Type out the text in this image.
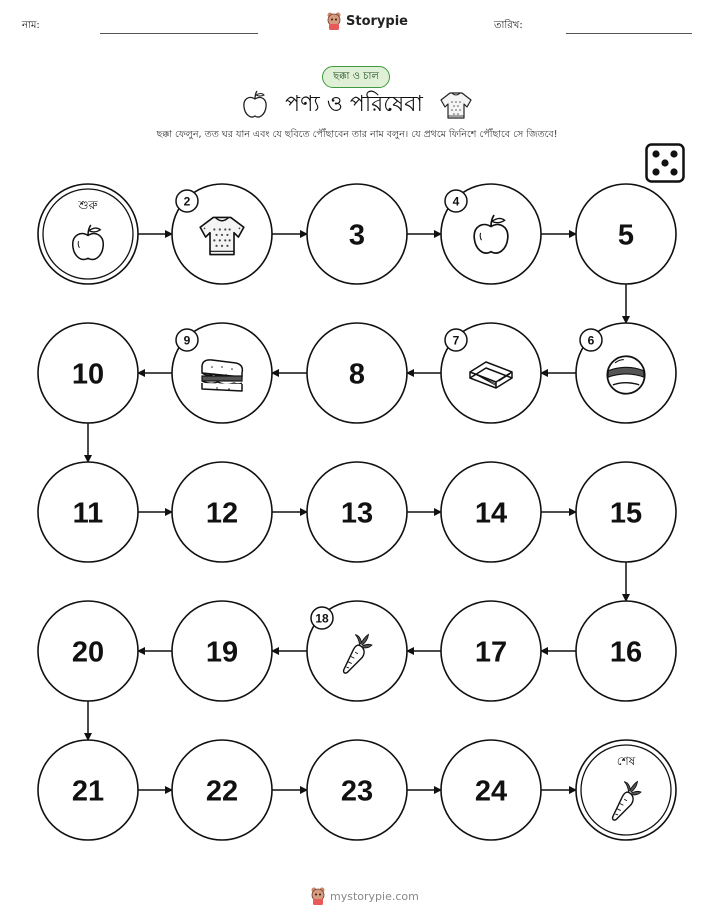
নাম:	Storypie	তারিখ:
ছক্কা ও চাল
পণ্য ও পরিষেবা
ছক্কা ফেলুন, তত ঘর যান এবং যে ছবিতে পৌঁছাবেন তার নাম বলুন। যে প্রথমে ফিনিশে পৌঁছাবে সে জিতবে!
শুরু	2
3
4
5
6
7
8
9
10
11	12	13	14	15
16
17
18
19
20
21	22	23	24
শেষ
mystorypie.com
